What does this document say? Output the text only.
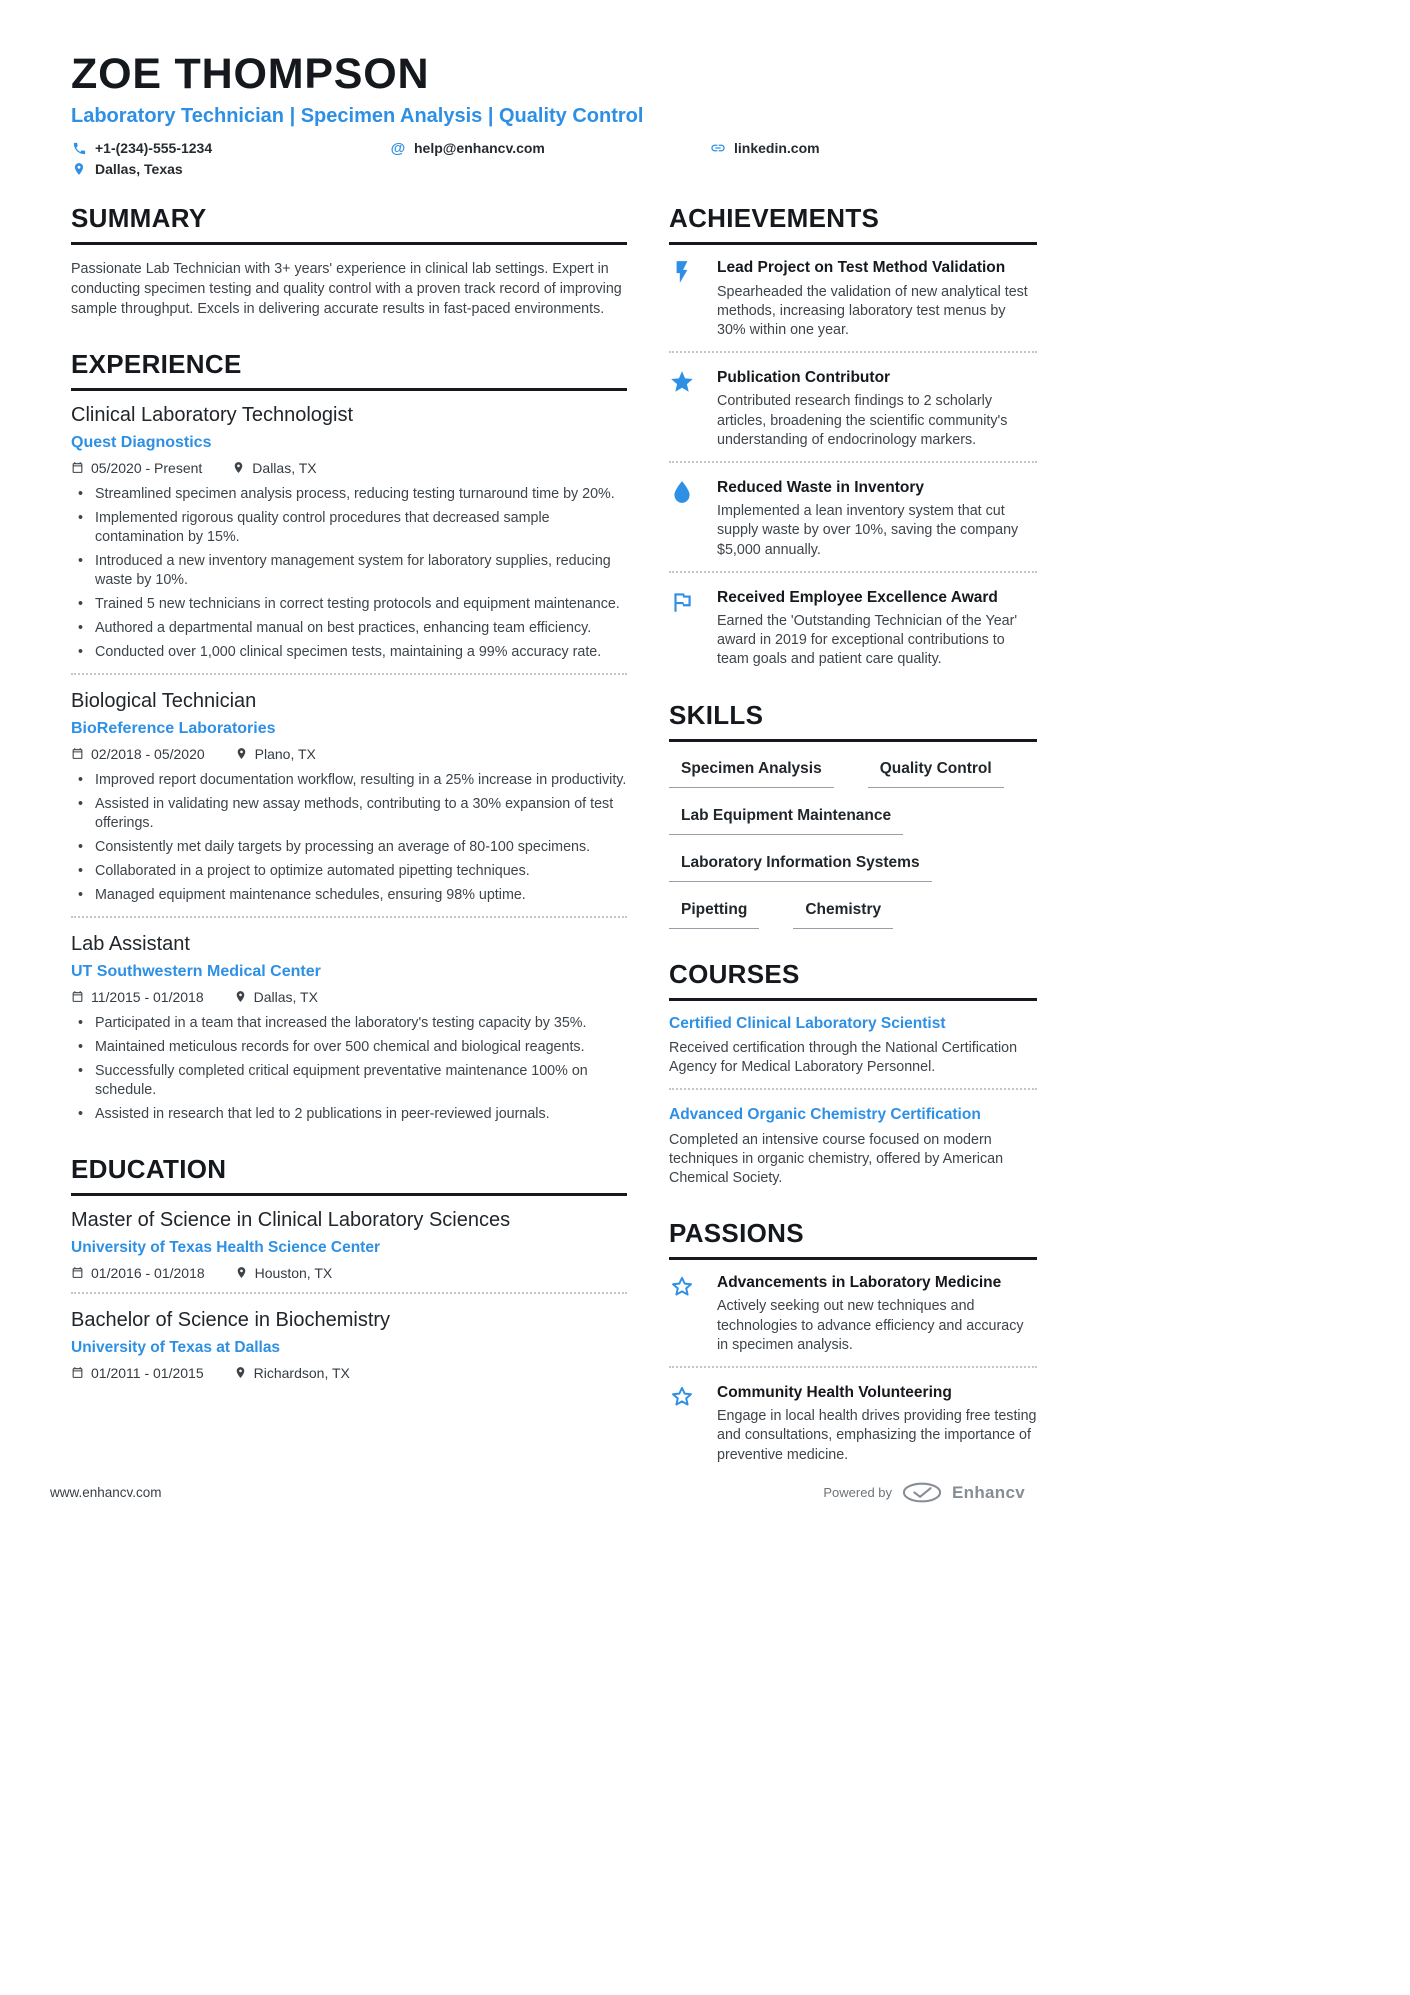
ZOE THOMPSON
Laboratory Technician | Specimen Analysis | Quality Control
+1-(234)-555-1234	@ help@enhancv.com	linkedin.com
Dallas, Texas
SUMMARY

Passionate Lab Technician with 3+ years' experience in clinical lab settings. Expert in conducting specimen testing and quality control with a proven track record of improving sample throughput. Excels in delivering accurate results in fast-paced environments.

EXPERIENCE
Clinical Laboratory Technologist
Quest Diagnostics
05/2020 - Present	Dallas, TX
• Streamlined specimen analysis process, reducing testing turnaround time by 20%.
• Implemented rigorous quality control procedures that decreased sample contamination by 15%.
• Introduced a new inventory management system for laboratory supplies, reducing waste by 10%.
• Trained 5 new technicians in correct testing protocols and equipment maintenance.
• Authored a departmental manual on best practices, enhancing team efficiency.
• Conducted over 1,000 clinical specimen tests, maintaining a 99% accuracy rate.
Biological Technician
BioReference Laboratories
02/2018 - 05/2020	Plano, TX
• Improved report documentation workflow, resulting in a 25% increase in productivity.
• Assisted in validating new assay methods, contributing to a 30% expansion of test offerings.
• Consistently met daily targets by processing an average of 80-100 specimens.
• Collaborated in a project to optimize automated pipetting techniques.
• Managed equipment maintenance schedules, ensuring 98% uptime.
Lab Assistant
UT Southwestern Medical Center
11/2015 - 01/2018	Dallas, TX
• Participated in a team that increased the laboratory's testing capacity by 35%.
• Maintained meticulous records for over 500 chemical and biological reagents.
• Successfully completed critical equipment preventative maintenance 100% on schedule.
• Assisted in research that led to 2 publications in peer-reviewed journals.
EDUCATION
Master of Science in Clinical Laboratory Sciences
University of Texas Health Science Center
01/2016 - 01/2018	Houston, TX
Bachelor of Science in Biochemistry
University of Texas at Dallas
01/2011 - 01/2015	Richardson, TX
ACHIEVEMENTS
Lead Project on Test Method Validation
Spearheaded the validation of new analytical test methods, increasing laboratory test menus by 30% within one year.
Publication Contributor
Contributed research findings to 2 scholarly articles, broadening the scientific community's understanding of endocrinology markers.
Reduced Waste in Inventory
Implemented a lean inventory system that cut supply waste by over 10%, saving the company $5,000 annually.
Received Employee Excellence Award
Earned the 'Outstanding Technician of the Year' award in 2019 for exceptional contributions to team goals and patient care quality.
SKILLS
Specimen Analysis	Quality Control
Lab Equipment Maintenance
Laboratory Information Systems
Pipetting	Chemistry
COURSES
Certified Clinical Laboratory Scientist
Received certification through the National Certification Agency for Medical Laboratory Personnel.
Advanced Organic Chemistry Certification
Completed an intensive course focused on modern techniques in organic chemistry, offered by American Chemical Society.
PASSIONS
Advancements in Laboratory Medicine
Actively seeking out new techniques and technologies to advance efficiency and accuracy in specimen analysis.
Community Health Volunteering
Engage in local health drives providing free testing and consultations, emphasizing the importance of preventive medicine.
www.enhancv.com	Powered by	Enhancv
